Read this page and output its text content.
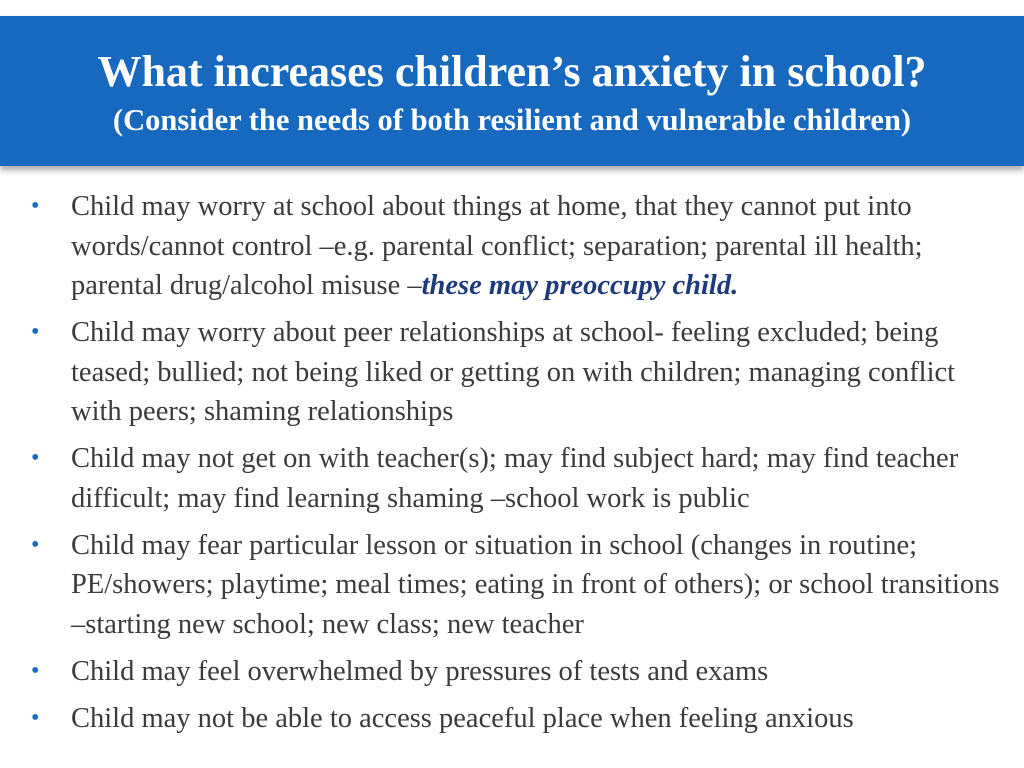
What increases children’s anxiety in school?
(Consider the needs of both resilient and vulnerable children)
• Child may worry at school about things at home, that they cannot put into words/cannot control –e.g. parental conflict; separation; parental ill health; parental drug/alcohol misuse –these may preoccupy child.
• Child may worry about peer relationships at school- feeling excluded; being teased; bullied; not being liked or getting on with children; managing conflict with peers; shaming relationships
• Child may not get on with teacher(s); may find subject hard; may find teacher difficult; may find learning shaming –school work is public
• Child may fear particular lesson or situation in school (changes in routine; PE/showers; playtime; meal times; eating in front of others); or school transitions –starting new school; new class; new teacher
• Child may feel overwhelmed by pressures of tests and exams
• Child may not be able to access peaceful place when feeling anxious
